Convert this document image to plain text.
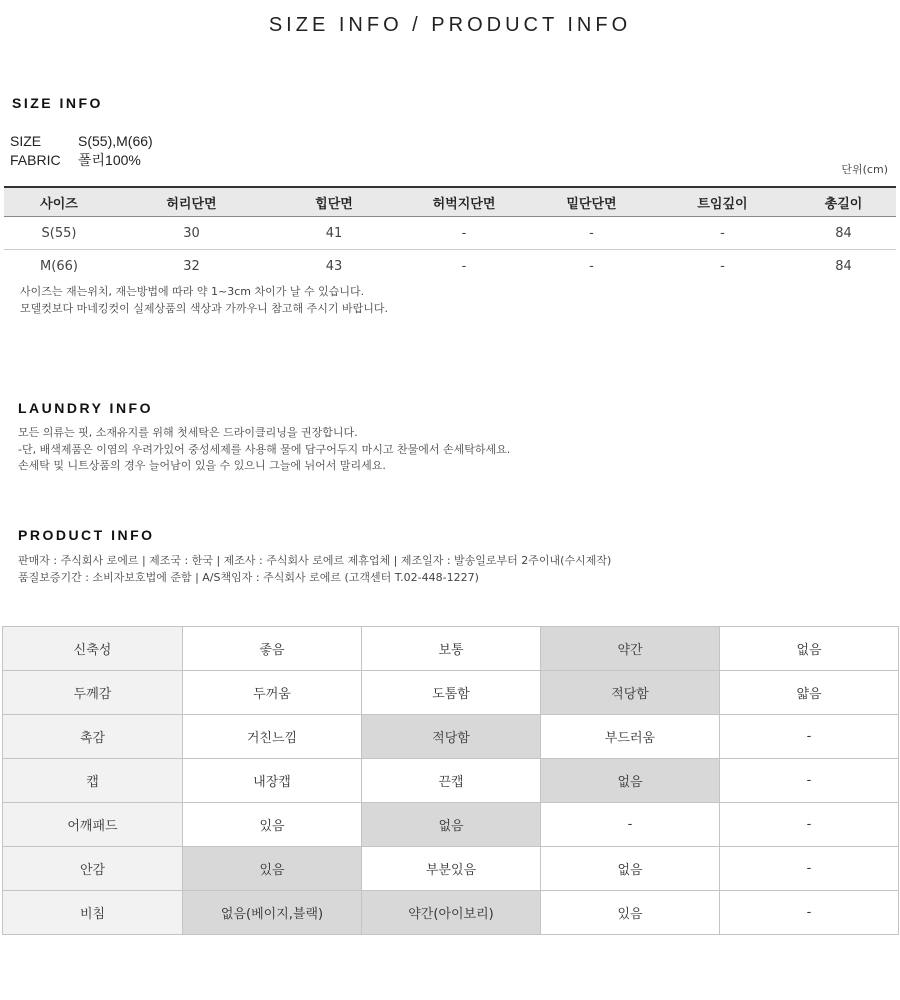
SIZE INFO / PRODUCT INFO
SIZE INFO
SIZE	S(55),M(66)
FABRIC 폴리100%
단위(cm)
사이즈	허리단면	힙단면	허벅지단면	밑단단면	트임깊이	총길이
S(55)	30	41	-	-	-	84
M(66)	32	43	-	-	-	84
사이즈는 재는위치, 재는방법에 따라 약 1~3cm 차이가 날 수 있습니다.
모델컷보다 마네킹컷이 실제상품의 색상과 가까우니 참고해 주시기 바랍니다.
LAUNDRY INFO
모든 의류는 핏, 소재유지를 위해 첫세탁은 드라이클리닝을 권장합니다.
-단, 배색제품은 이염의 우려가있어 중성세제를 사용해 물에 담구어두지 마시고 찬물에서 손세탁하세요.
손세탁 및 니트상품의 경우 늘어남이 있을 수 있으니 그늘에 뉘어서 말리세요.
PRODUCT INFO
판매자 : 주식회사 로에르 | 제조국 : 한국 | 제조사 : 주식회사 로에르 제휴업체 | 제조일자 : 발송일로부터 2주이내(수시제작)
품질보증기간 : 소비자보호법에 준함 | A/S책임자 : 주식회사 로에르 (고객센터 T.02-448-1227)
신축성	좋음	보통	약간	없음
두께감	두꺼움	도톰함	적당함	얇음
촉감	거친느낌	적당함	부드러움	-
캡	내장캡	끈캡	없음	-
어깨패드	있음	없음	-	-
안감	있음	부분있음	없음	-
비침	없음(베이지,블랙)	약간(아이보리)	있음	-
